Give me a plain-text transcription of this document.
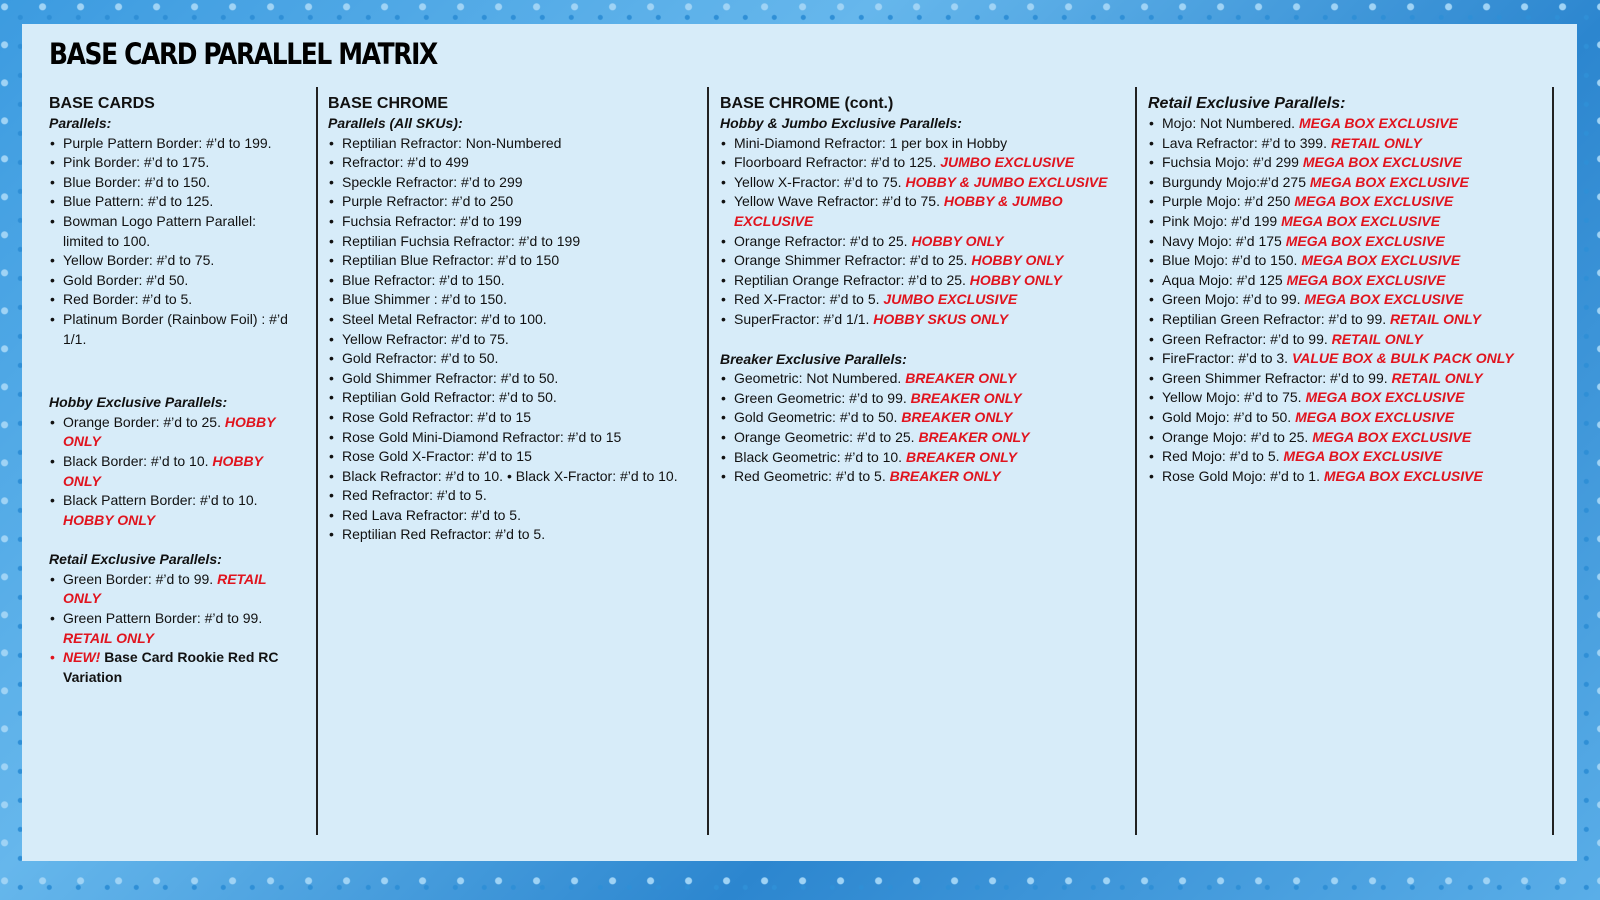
BASE CARD PARALLEL MATRIX
BASE CARDS
Parallels:
• Purple Pattern Border: #’d to 199.
• Pink Border: #’d to 175.
• Blue Border: #’d to 150.
• Blue Pattern: #’d to 125.
• Bowman Logo Pattern Parallel: limited to 100.
• Yellow Border: #’d to 75.
• Gold Border: #’d 50.
• Red Border: #’d to 5.
• Platinum Border (Rainbow Foil) : #’d 1/1.
Hobby Exclusive Parallels:
• Orange Border: #’d to 25. HOBBY ONLY
• Black Border: #’d to 10. HOBBY ONLY
• Black Pattern Border: #’d to 10. HOBBY ONLY
Retail Exclusive Parallels:
• Green Border: #’d to 99. RETAIL ONLY
• Green Pattern Border: #’d to 99. RETAIL ONLY
• NEW! Base Card Rookie Red RC Variation
BASE CHROME
Parallels (All SKUs):
• Reptilian Refractor: Non-Numbered
• Refractor: #’d to 499
• Speckle Refractor: #’d to 299
• Purple Refractor: #’d to 250
• Fuchsia Refractor: #’d to 199
• Reptilian Fuchsia Refractor: #’d to 199
• Reptilian Blue Refractor: #’d to 150
• Blue Refractor: #’d to 150.
• Blue Shimmer : #’d to 150.
• Steel Metal Refractor: #’d to 100.
• Yellow Refractor: #’d to 75.
• Gold Refractor: #’d to 50.
• Gold Shimmer Refractor: #’d to 50.
• Reptilian Gold Refractor: #’d to 50.
• Rose Gold Refractor: #’d to 15
• Rose Gold Mini-Diamond Refractor: #’d to 15
• Rose Gold X-Fractor: #’d to 15
• Black Refractor: #’d to 10. • Black X-Fractor: #’d to 10.
• Red Refractor: #’d to 5.
• Red Lava Refractor: #’d to 5.
• Reptilian Red Refractor: #’d to 5.
BASE CHROME (cont.)
Hobby & Jumbo Exclusive Parallels:
• Mini-Diamond Refractor: 1 per box in Hobby
• Floorboard Refractor: #’d to 125. JUMBO EXCLUSIVE
• Yellow X-Fractor: #’d to 75. HOBBY & JUMBO EXCLUSIVE
• Yellow Wave Refractor: #’d to 75. HOBBY & JUMBO EXCLUSIVE
• Orange Refractor: #’d to 25. HOBBY ONLY
• Orange Shimmer Refractor: #’d to 25. HOBBY ONLY
• Reptilian Orange Refractor: #’d to 25. HOBBY ONLY
• Red X-Fractor: #’d to 5. JUMBO EXCLUSIVE
• SuperFractor: #’d 1/1. HOBBY SKUS ONLY
Breaker Exclusive Parallels:
• Geometric: Not Numbered. BREAKER ONLY
• Green Geometric: #’d to 99. BREAKER ONLY
• Gold Geometric: #’d to 50. BREAKER ONLY
• Orange Geometric: #’d to 25. BREAKER ONLY
• Black Geometric: #’d to 10. BREAKER ONLY
• Red Geometric: #’d to 5. BREAKER ONLY
Retail Exclusive Parallels:
• Mojo: Not Numbered. MEGA BOX EXCLUSIVE
• Lava Refractor: #’d to 399. RETAIL ONLY
• Fuchsia Mojo: #’d 299 MEGA BOX EXCLUSIVE
• Burgundy Mojo:#’d 275 MEGA BOX EXCLUSIVE
• Purple Mojo: #’d 250 MEGA BOX EXCLUSIVE
• Pink Mojo: #’d 199 MEGA BOX EXCLUSIVE
• Navy Mojo: #’d 175 MEGA BOX EXCLUSIVE
• Blue Mojo: #’d to 150. MEGA BOX EXCLUSIVE
• Aqua Mojo: #’d 125 MEGA BOX EXCLUSIVE
• Green Mojo: #’d to 99. MEGA BOX EXCLUSIVE
• Reptilian Green Refractor: #’d to 99. RETAIL ONLY
• Green Refractor: #’d to 99. RETAIL ONLY
• FireFractor: #’d to 3. VALUE BOX & BULK PACK ONLY
• Green Shimmer Refractor: #’d to 99. RETAIL ONLY
• Yellow Mojo: #’d to 75. MEGA BOX EXCLUSIVE
• Gold Mojo: #’d to 50. MEGA BOX EXCLUSIVE
• Orange Mojo: #’d to 25. MEGA BOX EXCLUSIVE
• Red Mojo: #’d to 5. MEGA BOX EXCLUSIVE
• Rose Gold Mojo: #’d to 1. MEGA BOX EXCLUSIVE
